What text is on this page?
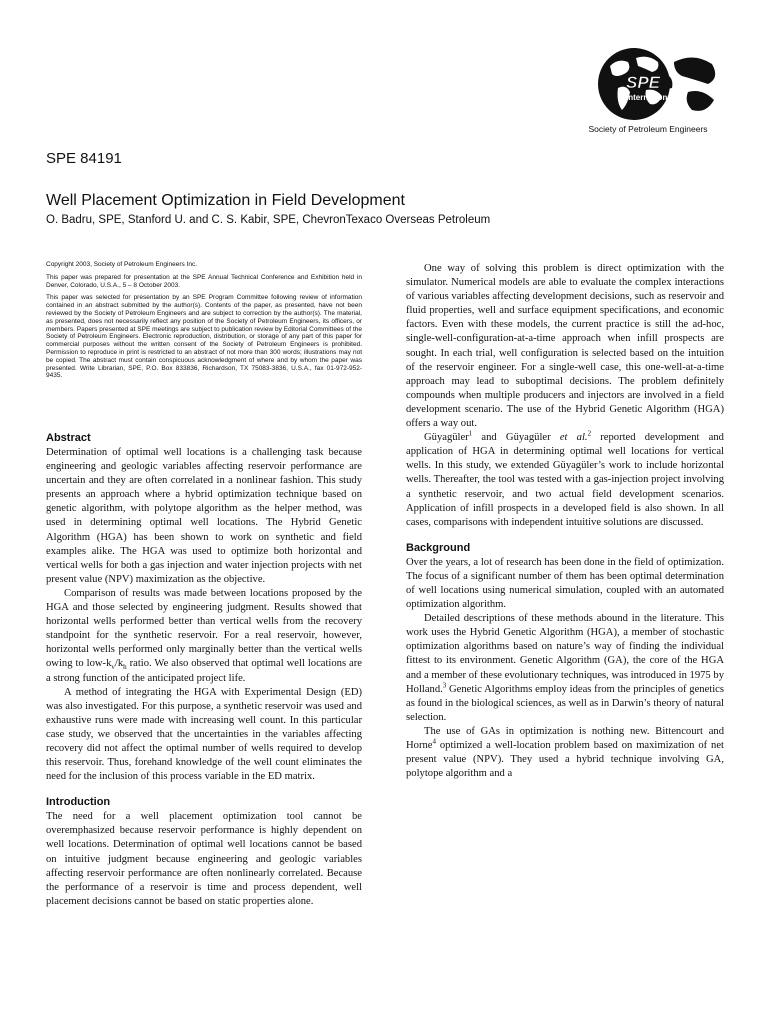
SPE
International
Society of Petroleum Engineers
SPE 84191
Well Placement Optimization in Field Development
O. Badru, SPE, Stanford U. and C. S. Kabir, SPE, ChevronTexaco Overseas Petroleum

Copyright 2003, Society of Petroleum Engineers Inc.

This paper was prepared for presentation at the SPE Annual Technical Conference and Exhibition held in Denver, Colorado, U.S.A., 5 – 8 October 2003.

This paper was selected for presentation by an SPE Program Committee following review of information contained in an abstract submitted by the author(s). Contents of the paper, as presented, have not been reviewed by the Society of Petroleum Engineers and are subject to correction by the author(s). The material, as presented, does not necessarily reflect any position of the Society of Petroleum Engineers, its officers, or members. Papers presented at SPE meetings are subject to publication review by Editorial Committees of the Society of Petroleum Engineers. Electronic reproduction, distribution, or storage of any part of this paper for commercial purposes without the written consent of the Society of Petroleum Engineers is prohibited. Permission to reproduce in print is restricted to an abstract of not more than 300 words; illustrations may not be copied. The abstract must contain conspicuous acknowledgment of where and by whom the paper was presented. Write Librarian, SPE, P.O. Box 833836, Richardson, TX 75083-3836, U.S.A., fax 01-972-952-9435.

Abstract

Determination of optimal well locations is a challenging task because engineering and geologic variables affecting reservoir performance are uncertain and they are often correlated in a nonlinear fashion. This study presents an approach where a hybrid optimization technique based on genetic algorithm, with polytope algorithm as the helper method, was used in determining optimal well locations. The Hybrid Genetic Algorithm (HGA) has been shown to work on synthetic and field examples alike. The HGA was used to optimize both horizontal and vertical wells for both a gas injection and water injection projects with net present value (NPV) maximization as the objective.

Comparison of results was made between locations proposed by the HGA and those selected by engineering judgment. Results showed that horizontal wells performed better than vertical wells from the recovery standpoint for the synthetic reservoir. For a real reservoir, however, horizontal wells performed only marginally better than the vertical wells owing to low-$k_v/k_h$ ratio. We also observed that optimal well locations are a strong function of the anticipated project life.

A method of integrating the HGA with Experimental Design (ED) was also investigated. For this purpose, a synthetic reservoir was used and exhaustive runs were made with increasing well count. In this particular case study, we observed that the uncertainties in the variables affecting recovery did not affect the optimal number of wells required to develop this reservoir. Thus, forehand knowledge of the well count eliminates the need for the inclusion of this process variable in the ED matrix.

Introduction

The need for a well placement optimization tool cannot be overemphasized because reservoir performance is highly dependent on well locations. Determination of optimal well locations cannot be based on intuitive judgment because engineering and geologic variables affecting reservoir performance are often nonlinearly correlated. Because the performance of a reservoir is time and process dependent, well placement decisions cannot be based on static properties alone.

One way of solving this problem is direct optimization with the simulator. Numerical models are able to evaluate the complex interactions of various variables affecting development decisions, such as reservoir and fluid properties, well and surface equipment specifications, and economic factors. Even with these models, the current practice is still the ad-hoc, single-well-configuration-at-a-time approach when infill prospects are sought. In each trial, well configuration is selected based on the intuition of the reservoir engineer. For a single-well case, this one-well-at-a-time approach may lead to suboptimal decisions. The problem definitely compounds when multiple producers and injectors are involved in a field development scenario. The use of the Hybrid Genetic Algorithm (HGA) offers a way out.

Güyagüler$^1$ and Güyagüler et al.$^2$ reported development and application of HGA in determining optimal well locations for vertical wells. In this study, we extended Güyagüler’s work to include horizontal wells. Thereafter, the tool was tested with a gas-injection project involving a synthetic reservoir, and two actual field development scenarios. Application of infill prospects in a developed field is also shown. In all cases, comparisons with independent intuitive solutions are discussed.

Background

Over the years, a lot of research has been done in the field of optimization. The focus of a significant number of them has been optimal determination of well locations using numerical simulation, coupled with an automated optimization algorithm.

Detailed descriptions of these methods abound in the literature. This work uses the Hybrid Genetic Algorithm (HGA), a member of stochastic optimization algorithms based on nature’s way of finding the individual fittest to its environment. Genetic Algorithm (GA), the core of the HGA and a member of these evolutionary techniques, was introduced in 1975 by Holland.$^3$ Genetic Algorithms employ ideas from the principles of genetics as found in the biological sciences, as well as in Darwin’s theory of natural selection.

The use of GAs in optimization is nothing new. Bittencourt and Horne$^4$ optimized a well-location problem based on maximization of net present value (NPV). They used a hybrid technique involving GA, polytope algorithm and a
